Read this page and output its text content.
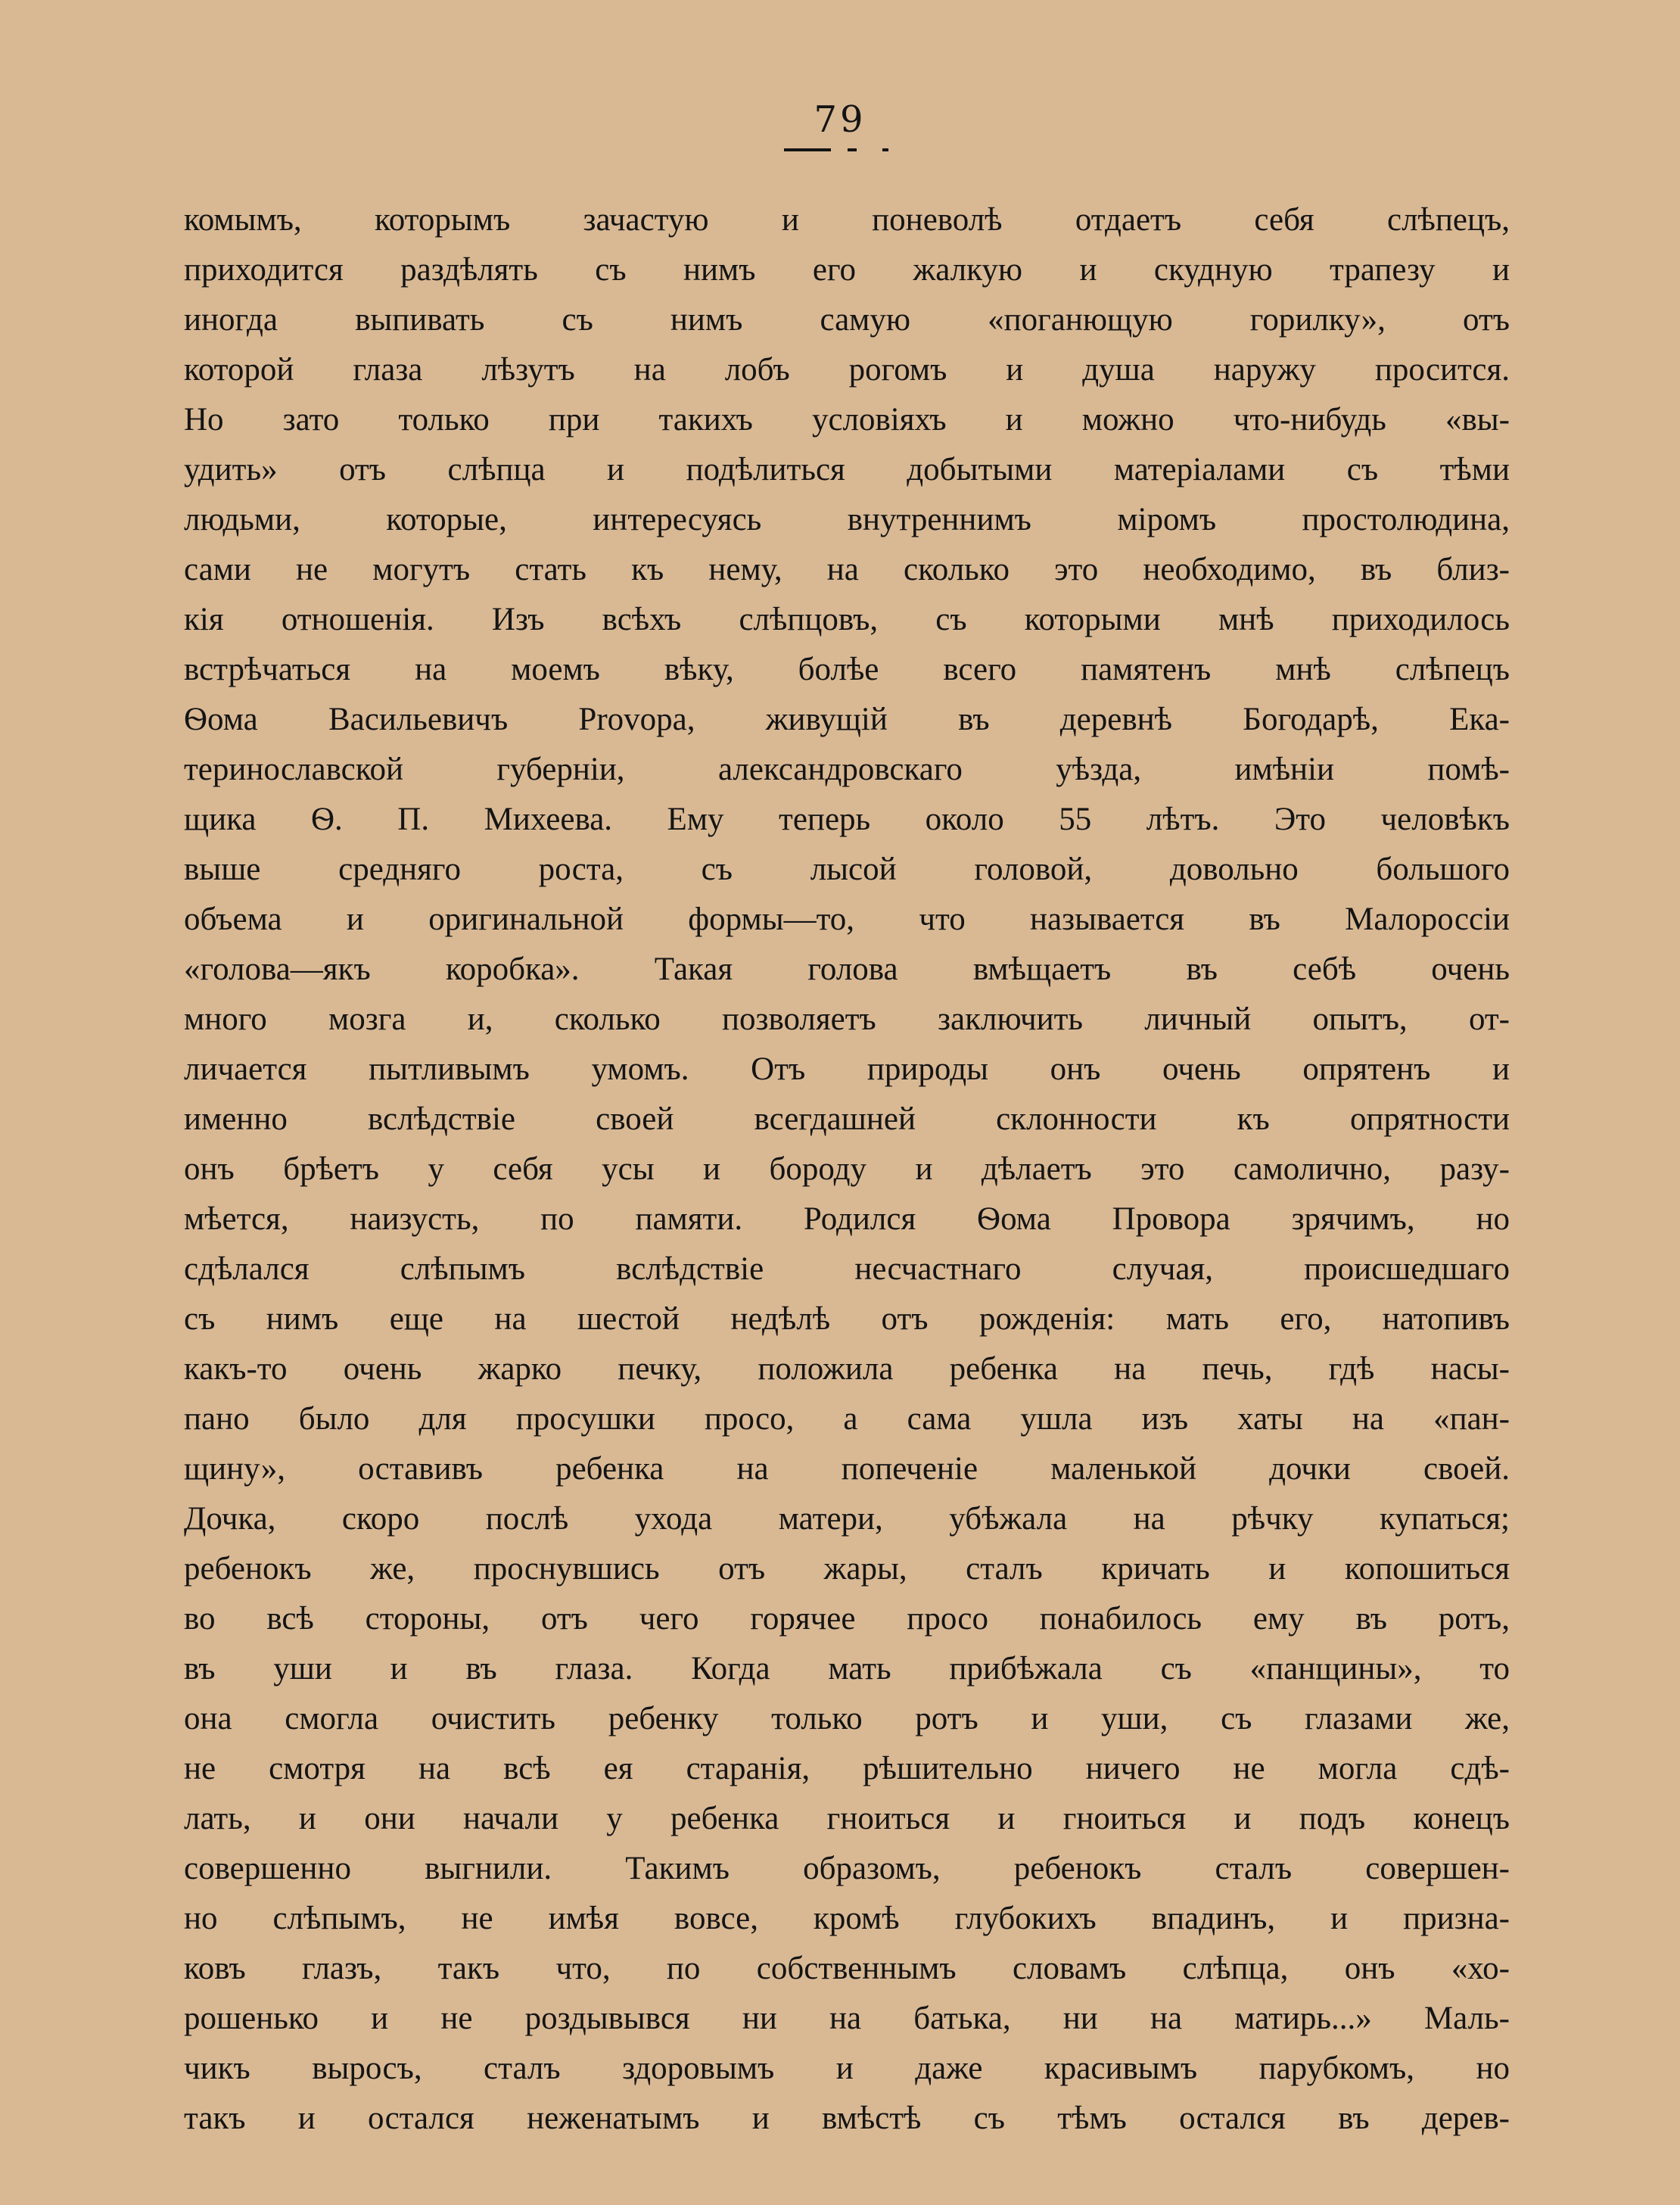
79
комымъ, которымъ зачастую и поневолѣ отдаетъ себя слѣпецъ,
приходится раздѣлять съ нимъ его жалкую и скудную трапезу и
иногда выпивать съ нимъ самую «поганющую горилку», отъ
которой глаза лѣзутъ на лобъ рогомъ и душа наружу просится.
Но зато только при такихъ условіяхъ и можно что-нибудь «вы-
удить» отъ слѣпца и подѣлиться добытыми матеріалами съ тѣми
людьми, которые, интересуясь внутреннимъ міромъ простолюдина,
сами не могутъ стать къ нему, на сколько это необходимо, въ близ-
кія отношенія. Изъ всѣхъ слѣпцовъ, съ которыми мнѣ приходилось
встрѣчаться на моемъ вѣку, болѣе всего памятенъ мнѣ слѣпецъ
Ѳома Васильевичъ Provора, живущій въ деревнѣ Богодарѣ, Ека-
теринославской губерніи, александровскаго уѣзда, имѣніи помѣ-
щика Ѳ. П. Михеева. Ему теперь около 55 лѣтъ. Это человѣкъ
выше средняго роста, съ лысой головой, довольно большого
объема и оригинальной формы—то, что называется въ Малороссіи
«голова—якъ коробка». Такая голова вмѣщаетъ въ себѣ очень
много мозга и, сколько позволяетъ заключить личный опытъ, от-
личается пытливымъ умомъ. Отъ природы онъ очень опрятенъ и
именно вслѣдствіе своей всегдашней склонности къ опрятности
онъ брѣетъ у себя усы и бороду и дѣлаетъ это самолично, разу-
мѣется, наизусть, по памяти. Родился Ѳома Провора зрячимъ, но
сдѣлался слѣпымъ вслѣдствіе несчастнаго случая, происшедшаго
съ нимъ еще на шестой недѣлѣ отъ рожденія: мать его, натопивъ
какъ-то очень жарко печку, положила ребенка на печь, гдѣ насы-
пано было для просушки просо, а сама ушла изъ хаты на «пан-
щину», оставивъ ребенка на попеченіе маленькой дочки своей.
Дочка, скоро послѣ ухода матери, убѣжала на рѣчку купаться;
ребенокъ же, проснувшись отъ жары, сталъ кричать и копошиться
во всѣ стороны, отъ чего горячее просо понабилось ему въ ротъ,
въ уши и въ глаза. Когда мать прибѣжала съ «панщины», то
она смогла очистить ребенку только ротъ и уши, съ глазами же,
не смотря на всѣ ея старанія, рѣшительно ничего не могла сдѣ-
лать, и они начали у ребенка гноиться и гноиться и подъ конецъ
совершенно выгнили. Такимъ образомъ, ребенокъ сталъ совершен-
но слѣпымъ, не имѣя вовсе, кромѣ глубокихъ впадинъ, и призна-
ковъ глазъ, такъ что, по собственнымъ словамъ слѣпца, онъ «хо-
рошенько и не роздывывся ни на батька, ни на матирь...» Маль-
чикъ выросъ, сталъ здоровымъ и даже красивымъ парубкомъ, но
такъ и остался неженатымъ и вмѣстѣ съ тѣмъ остался въ дерев-
